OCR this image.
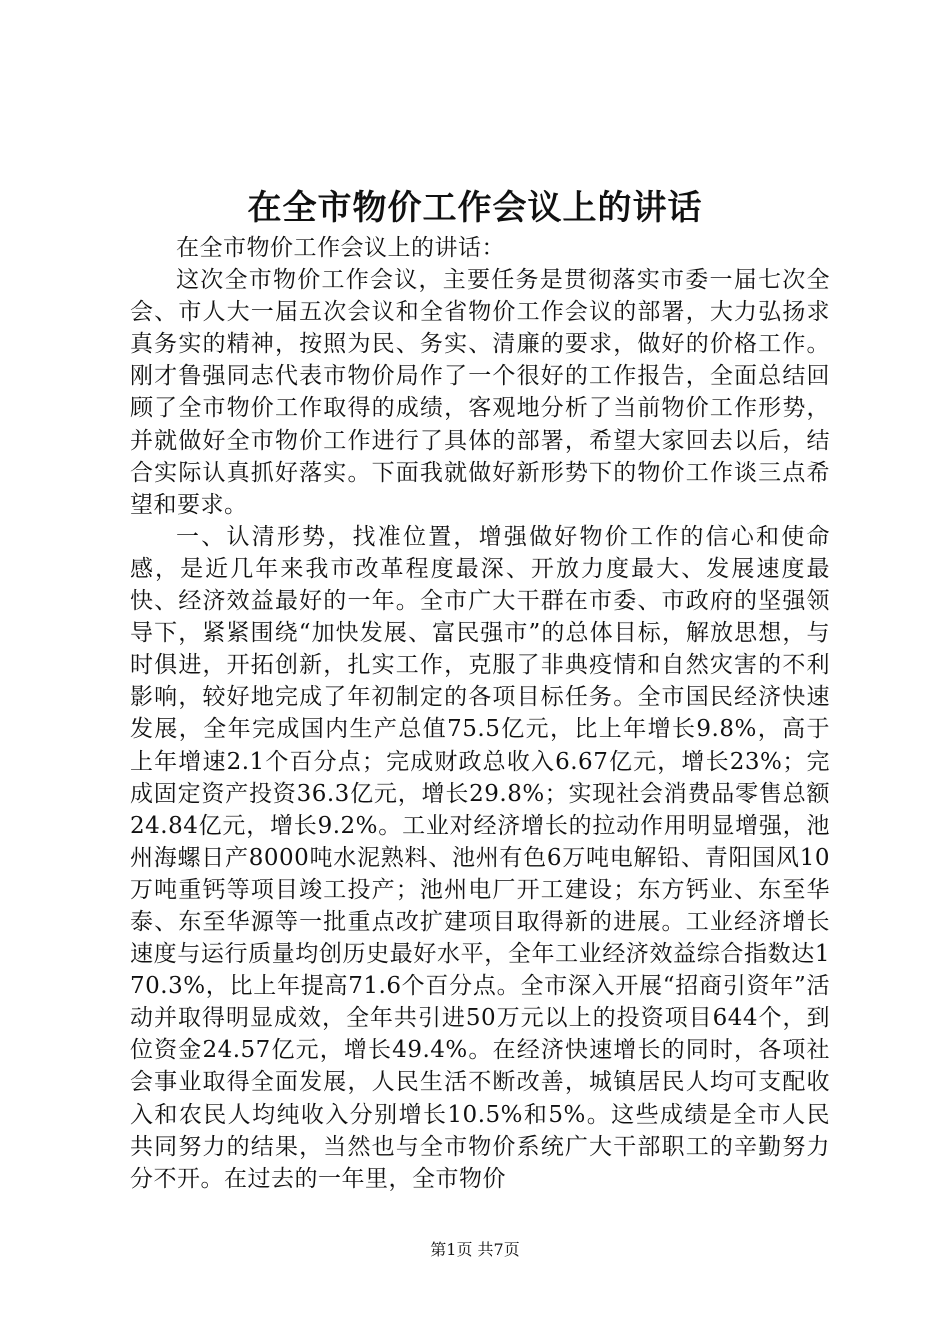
在全市物价工作会议上的讲话

在全市物价工作会议上的讲话：

这次全市物价工作会议，主要任务是贯彻落实市委一届七次全会、市人大一届五次会议和全省物价工作会议的部署，大力弘扬求真务实的精神，按照为民、务实、清廉的要求，做好的价格工作。刚才鲁强同志代表市物价局作了一个很好的工作报告，全面总结回顾了全市物价工作取得的成绩，客观地分析了当前物价工作形势，并就做好全市物价工作进行了具体的部署，希望大家回去以后，结合实际认真抓好落实。下面我就做好新形势下的物价工作谈三点希望和要求。

一、认清形势，找准位置，增强做好物价工作的信心和使命感，是近几年来我市改革程度最深、开放力度最大、发展速度最快、经济效益最好的一年。全市广大干群在市委、市政府的坚强领导下，紧紧围绕“加快发展、富民强市”的总体目标，解放思想，与时俱进，开拓创新，扎实工作，克服了非典疫情和自然灾害的不利影响，较好地完成了年初制定的各项目标任务。全市国民经济快速发展，全年完成国内生产总值75.5亿元，比上年增长9.8%，高于上年增速2.1个百分点；完成财政总收入6.67亿元，增长23%；完成固定资产投资36.3亿元，增长29.8%；实现社会消费品零售总额24.84亿元，增长9.2%。工业对经济增长的拉动作用明显增强，池州海螺日产8000吨水泥熟料、池州有色6万吨电解铅、青阳国风10万吨重钙等项目竣工投产；池州电厂开工建设；东方钙业、东至华泰、东至华源等一批重点改扩建项目取得新的进展。工业经济增长速度与运行质量均创历史最好水平，全年工业经济效益综合指数达170.3%，比上年提高71.6个百分点。全市深入开展“招商引资年”活动并取得明显成效，全年共引进50万元以上的投资项目644个，到位资金24.57亿元，增长49.4%。在经济快速增长的同时，各项社会事业取得全面发展，人民生活不断改善，城镇居民人均可支配收入和农民人均纯收入分别增长10.5%和5%。这些成绩是全市人民共同努力的结果，当然也与全市物价系统广大干部职工的辛勤努力分不开。在过去的一年里，全市物价

第1页 共7页
